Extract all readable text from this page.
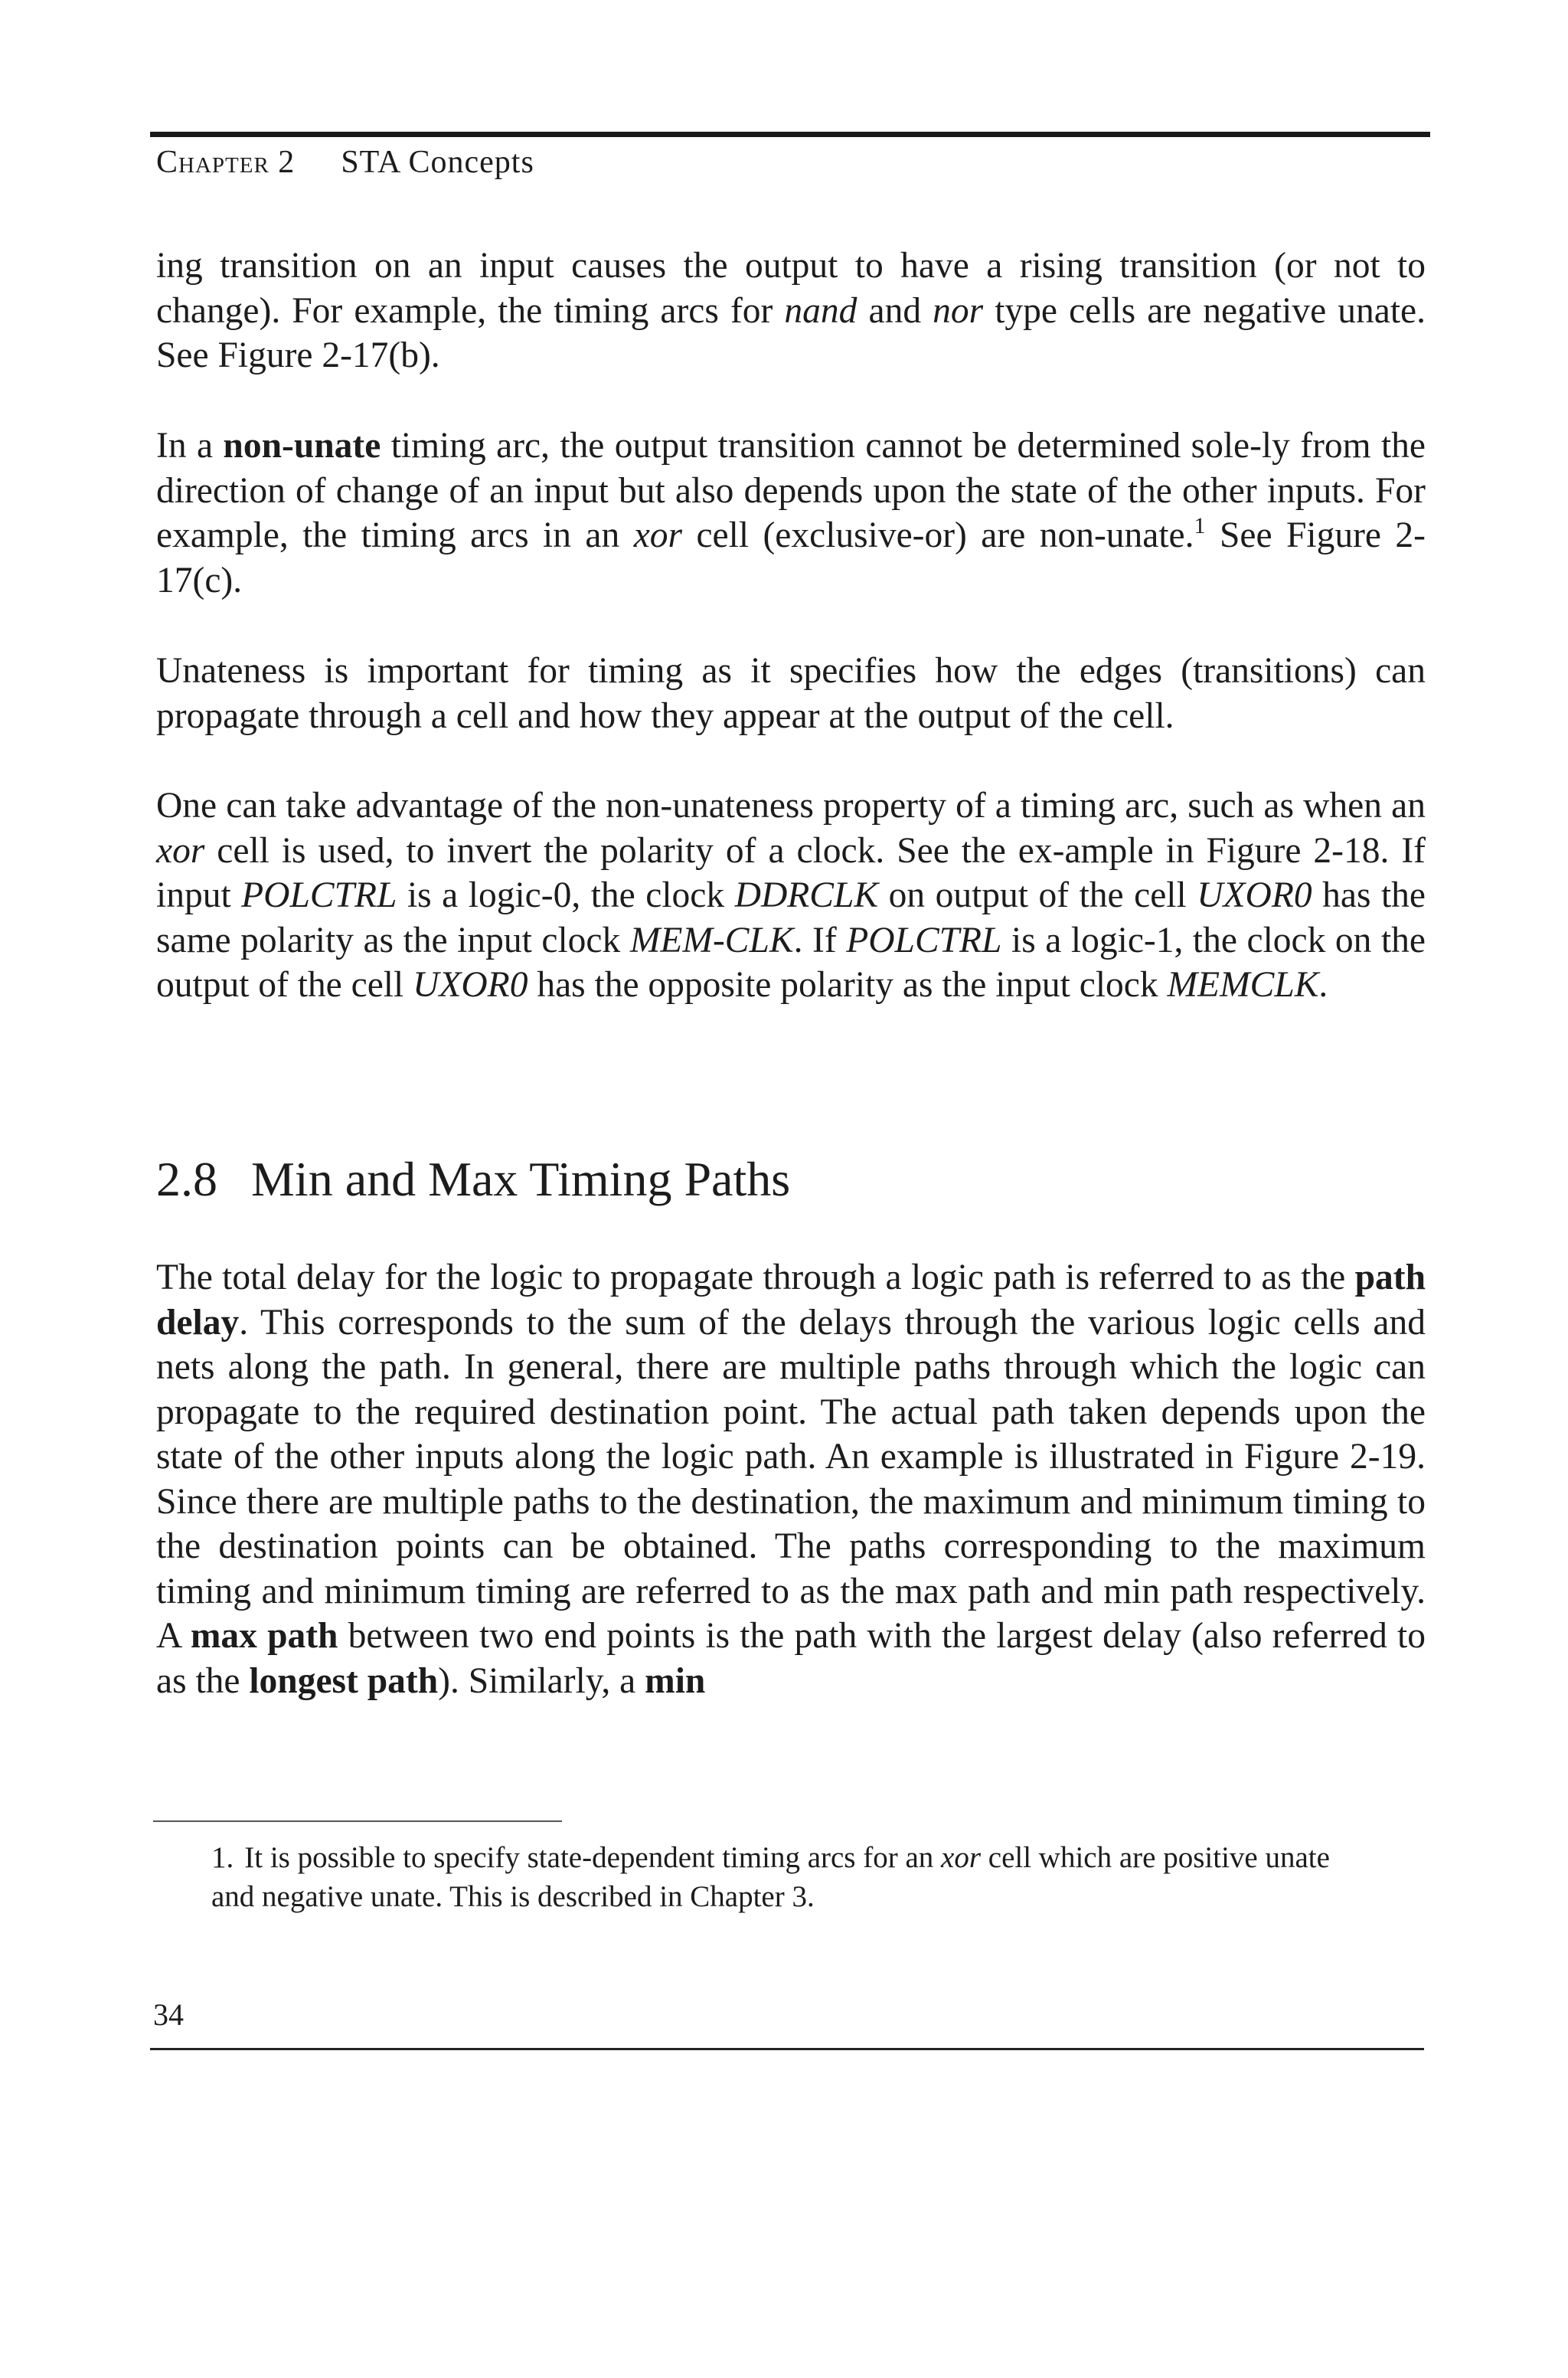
Chapter 2 STA Concepts

ing transition on an input causes the output to have a rising transition (or not to change). For example, the timing arcs for nand and nor type cells are negative unate. See Figure 2-17(b).

In a non-unate timing arc, the output transition cannot be determined sole-ly from the direction of change of an input but also depends upon the state of the other inputs. For example, the timing arcs in an xor cell (exclusive-or) are non-unate.$^1$ See Figure 2-17(c).

Unateness is important for timing as it specifies how the edges (transitions) can propagate through a cell and how they appear at the output of the cell.

One can take advantage of the non-unateness property of a timing arc, such as when an xor cell is used, to invert the polarity of a clock. See the ex-ample in Figure 2-18. If input POLCTRL is a logic-0, the clock DDRCLK on output of the cell UXOR0 has the same polarity as the input clock MEM-CLK. If POLCTRL is a logic-1, the clock on the output of the cell UXOR0 has the opposite polarity as the input clock MEMCLK.

2.8 Min and Max Timing Paths

The total delay for the logic to propagate through a logic path is referred to as the path delay. This corresponds to the sum of the delays through the various logic cells and nets along the path. In general, there are multiple paths through which the logic can propagate to the required destination point. The actual path taken depends upon the state of the other inputs along the logic path. An example is illustrated in Figure 2-19. Since there are multiple paths to the destination, the maximum and minimum timing to the destination points can be obtained. The paths corresponding to the maximum timing and minimum timing are referred to as the max path and min path respectively. A max path between two end points is the path with the largest delay (also referred to as the longest path). Similarly, a min

1. It is possible to specify state-dependent timing arcs for an xor cell which are positive unate and negative unate. This is described in Chapter 3.

34
